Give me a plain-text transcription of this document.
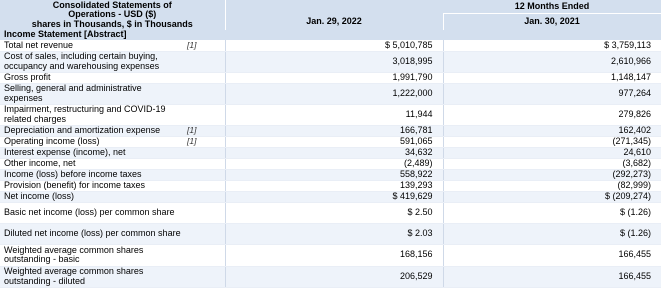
Consolidated Statements of
Operations - USD ($)
shares in Thousands, $ in Thousands			12 Months Ended
		Jan. 29, 2022	Jan. 30, 2021
Income Statement [Abstract]			
Total net revenue	[1]	$ 5,010,785	$ 3,759,113
Cost of sales, including certain buying, occupancy and warehousing expenses		3,018,995	2,610,966
Gross profit		1,991,790	1,148,147
Selling, general and administrative expenses		1,222,000	977,264
Impairment, restructuring and COVID-19 related charges		11,944	279,826
Depreciation and amortization expense	[1]	166,781	162,402
Operating income (loss)	[1]	591,065	(271,345)
Interest expense (income), net		34,632	24,610
Other income, net		(2,489)	(3,682)
Income (loss) before income taxes		558,922	(292,273)
Provision (benefit) for income taxes		139,293	(82,999)
Net income (loss)		$ 419,629	$ (209,274)
Basic net income (loss) per common share		$ 2.50	$ (1.26)
Diluted net income (loss) per common share		$ 2.03	$ (1.26)
Weighted average common shares outstanding - basic		168,156	166,455
Weighted average common shares outstanding - diluted		206,529	166,455
